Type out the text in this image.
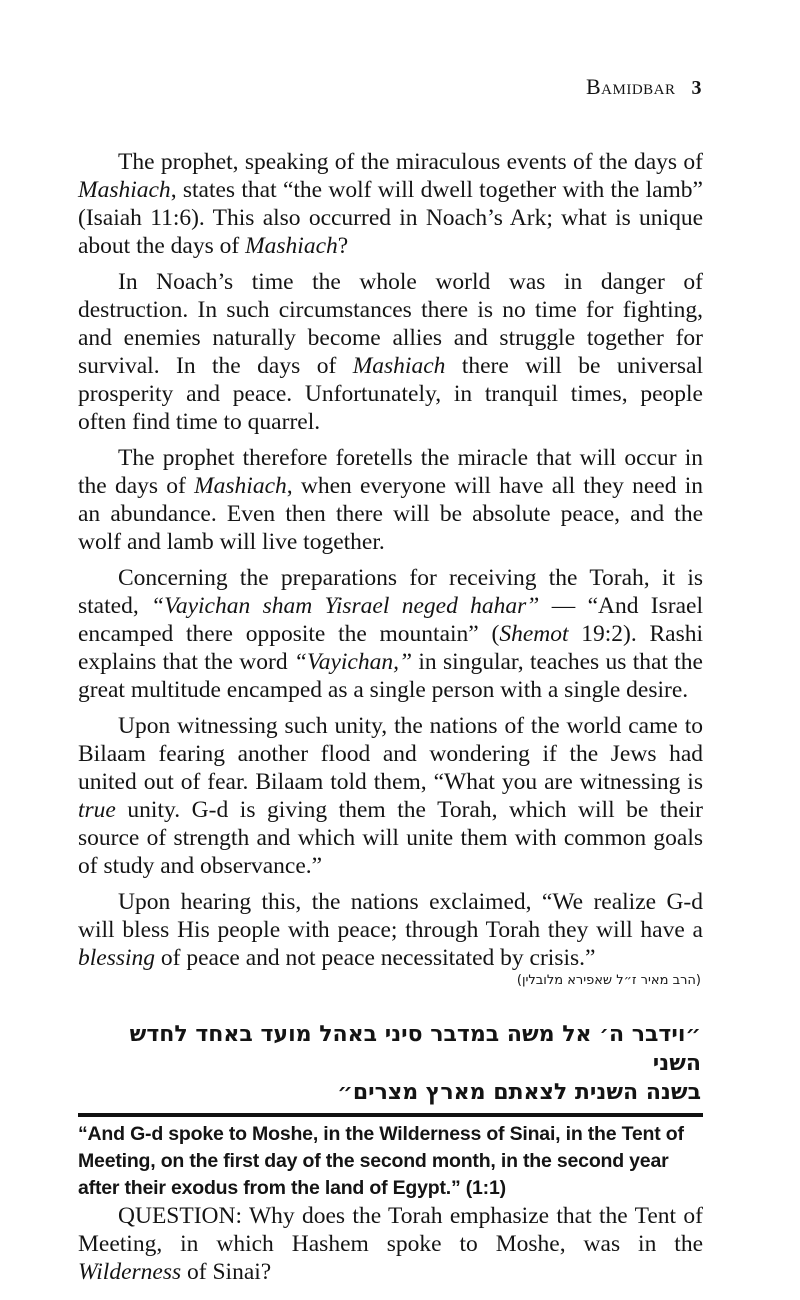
Bamidbar 3

The prophet, speaking of the miraculous events of the days of Mashiach, states that “the wolf will dwell together with the lamb” (Isaiah 11:6). This also occurred in Noach’s Ark; what is unique about the days of Mashiach?

In Noach’s time the whole world was in danger of destruction. In such circumstances there is no time for fighting, and enemies naturally become allies and struggle together for survival. In the days of Mashiach there will be universal prosperity and peace. Unfortunately, in tranquil times, people often find time to quarrel.

The prophet therefore foretells the miracle that will occur in the days of Mashiach, when everyone will have all they need in an abundance. Even then there will be absolute peace, and the wolf and lamb will live together.

Concerning the preparations for receiving the Torah, it is stated, “Vayichan sham Yisrael neged hahar” — “And Israel encamped there opposite the mountain” (Shemot 19:2). Rashi explains that the word “Vayichan,” in singular, teaches us that the great multitude encamped as a single person with a single desire.

Upon witnessing such unity, the nations of the world came to Bilaam fearing another flood and wondering if the Jews had united out of fear. Bilaam told them, “What you are witnessing is true unity. G-d is giving them the Torah, which will be their source of strength and which will unite them with common goals of study and observance.”

Upon hearing this, the nations exclaimed, “We realize G-d will bless His people with peace; through Torah they will have a blessing of peace and not peace necessitated by crisis.”

(הרב מאיר ז״ל שאפירא מלובלין)
״וידבר ה׳ אל משה במדבר סיני באהל מועד באחד לחדש השני
בשנה השנית לצאתם מארץ מצרים״
“And G-d spoke to Moshe, in the Wilderness of Sinai, in the Tent of Meeting, on the first day of the second month, in the second year after their exodus from the land of Egypt.” (1:1)

QUESTION: Why does the Torah emphasize that the Tent of Meeting, in which Hashem spoke to Moshe, was in the Wilderness of Sinai?
